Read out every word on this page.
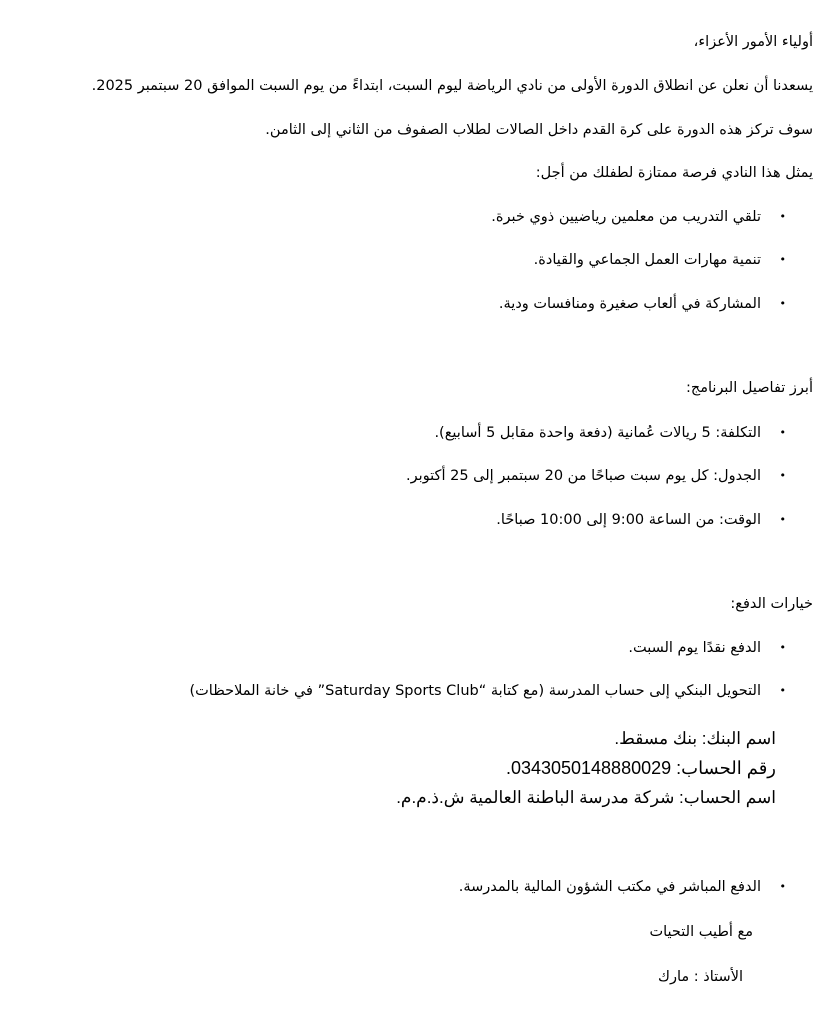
أولياء الأمور الأعزاء،
يسعدنا أن نعلن عن انطلاق الدورة الأولى من نادي الرياضة ليوم السبت، ابتداءً من يوم السبت الموافق 20 سبتمبر 2025.
سوف تركز هذه الدورة على كرة القدم داخل الصالات لطلاب الصفوف من الثاني إلى الثامن.
يمثل هذا النادي فرصة ممتازة لطفلك من أجل:
•
تلقي التدريب من معلمين رياضيين ذوي خبرة.
•
تنمية مهارات العمل الجماعي والقيادة.
•
المشاركة في ألعاب صغيرة ومنافسات ودية.
أبرز تفاصيل البرنامج:
•
التكلفة: 5 ريالات عُمانية (دفعة واحدة مقابل 5 أسابيع).
•
الجدول: كل يوم سبت صباحًا من 20 سبتمبر إلى 25 أكتوبر.
•
الوقت: من الساعة 9:00 إلى 10:00 صباحًا.
خيارات الدفع:
•
الدفع نقدًا يوم السبت.
•
التحويل البنكي إلى حساب المدرسة (مع كتابة “Saturday Sports Club” في خانة الملاحظات)
اسم البنك: بنك مسقط.
رقم الحساب: 0343050148880029.
اسم الحساب: شركة مدرسة الباطنة العالمية ش.ذ.م.م.
•
الدفع المباشر في مكتب الشؤون المالية بالمدرسة.
مع أطيب التحيات
الأستاذ : مارك
